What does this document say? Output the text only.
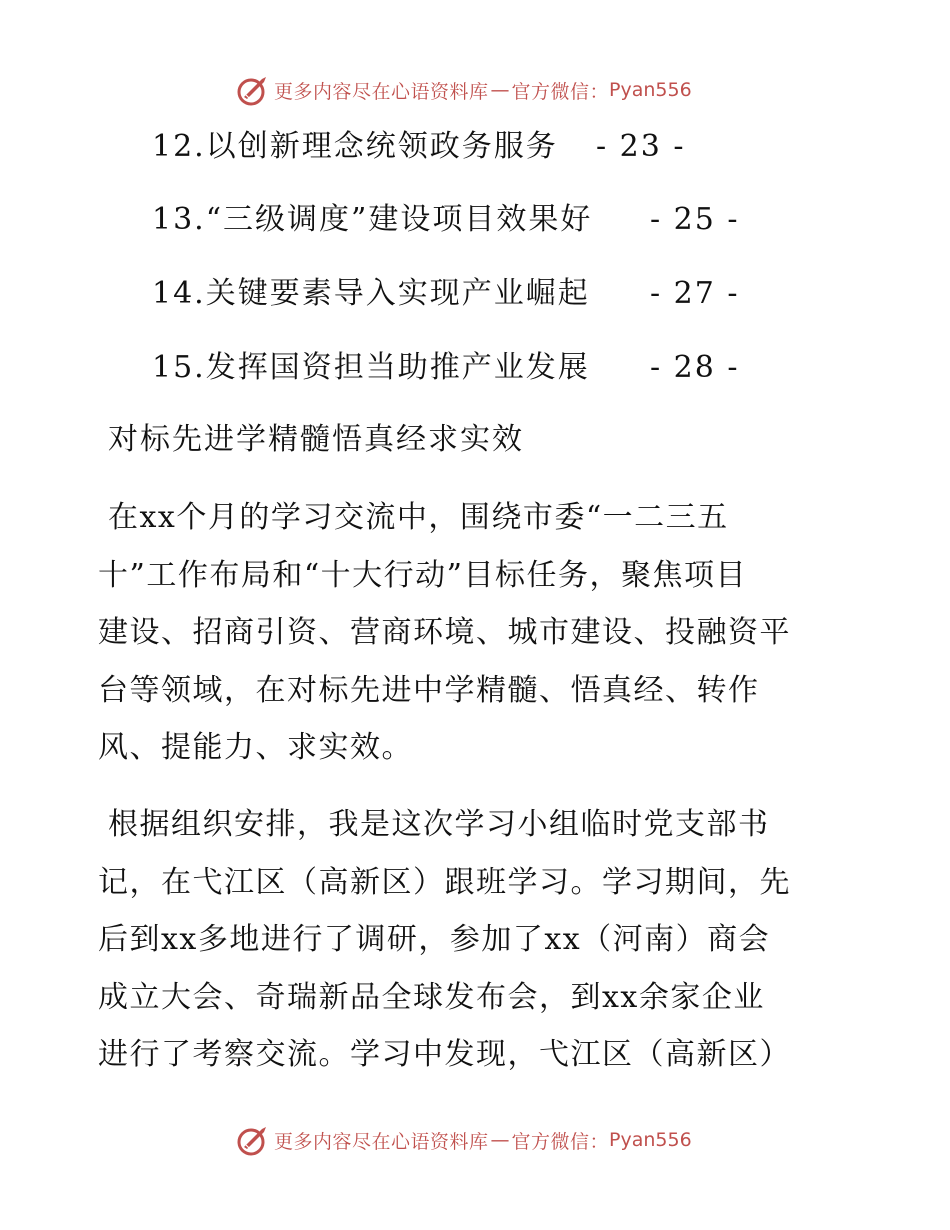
更多内容尽在心语资料库 — 官方微信： Pyan556
12.以创新理念统领政务服务 - 23 -
13.“三级调度”建设项目效果好 - 25 -
14.关键要素导入实现产业崛起 - 27 -
15.发挥国资担当助推产业发展 - 28 -
对标先进学精髓悟真经求实效
在xx个月的学习交流中，围绕市委“一二三五
十”工作布局和“十大行动”目标任务，聚焦项目
建设、招商引资、营商环境、城市建设、投融资平
台等领域，在对标先进中学精髓、悟真经、转作
风、提能力、求实效。
根据组织安排，我是这次学习小组临时党支部书
记，在弋江区（高新区）跟班学习。学习期间，先
后到xx多地进行了调研，参加了xx（河南）商会
成立大会、奇瑞新品全球发布会，到xx余家企业
进行了考察交流。学习中发现，弋江区（高新区）
更多内容尽在心语资料库 — 官方微信： Pyan556
